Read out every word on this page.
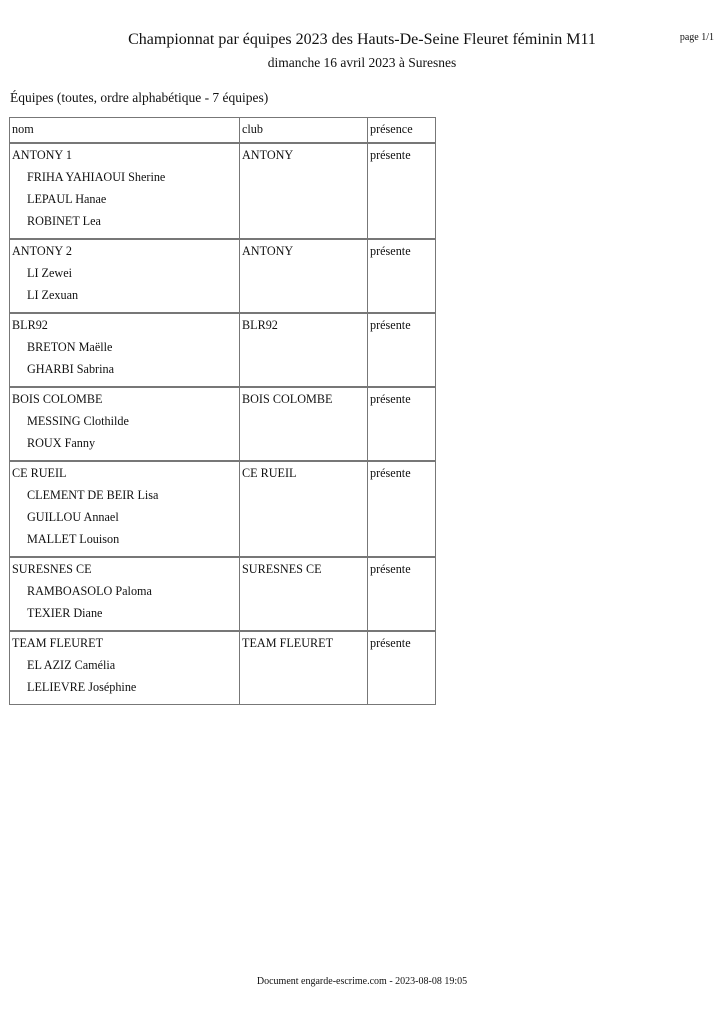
Championnat par équipes 2023 des Hauts-De-Seine Fleuret féminin M11
dimanche 16 avril 2023 à Suresnes
page 1/1
Équipes (toutes, ordre alphabétique - 7 équipes)
nom	club	présence

ANTONY 1
FRIHA YAHIAOUI Sherine
LEPAUL Hanae
ROBINET Lea	ANTONY	présente

ANTONY 2
LI Zewei
LI Zexuan	ANTONY	présente

BLR92
BRETON Maëlle
GHARBI Sabrina	BLR92	présente

BOIS COLOMBE
MESSING Clothilde
ROUX Fanny	BOIS COLOMBE	présente

CE RUEIL
CLEMENT DE BEIR Lisa
GUILLOU Annael
MALLET Louison	CE RUEIL	présente

SURESNES CE
RAMBOASOLO Paloma
TEXIER Diane	SURESNES CE	présente

TEAM FLEURET
EL AZIZ Camélia
LELIEVRE Joséphine	TEAM FLEURET	présente
Document engarde-escrime.com - 2023-08-08 19:05
